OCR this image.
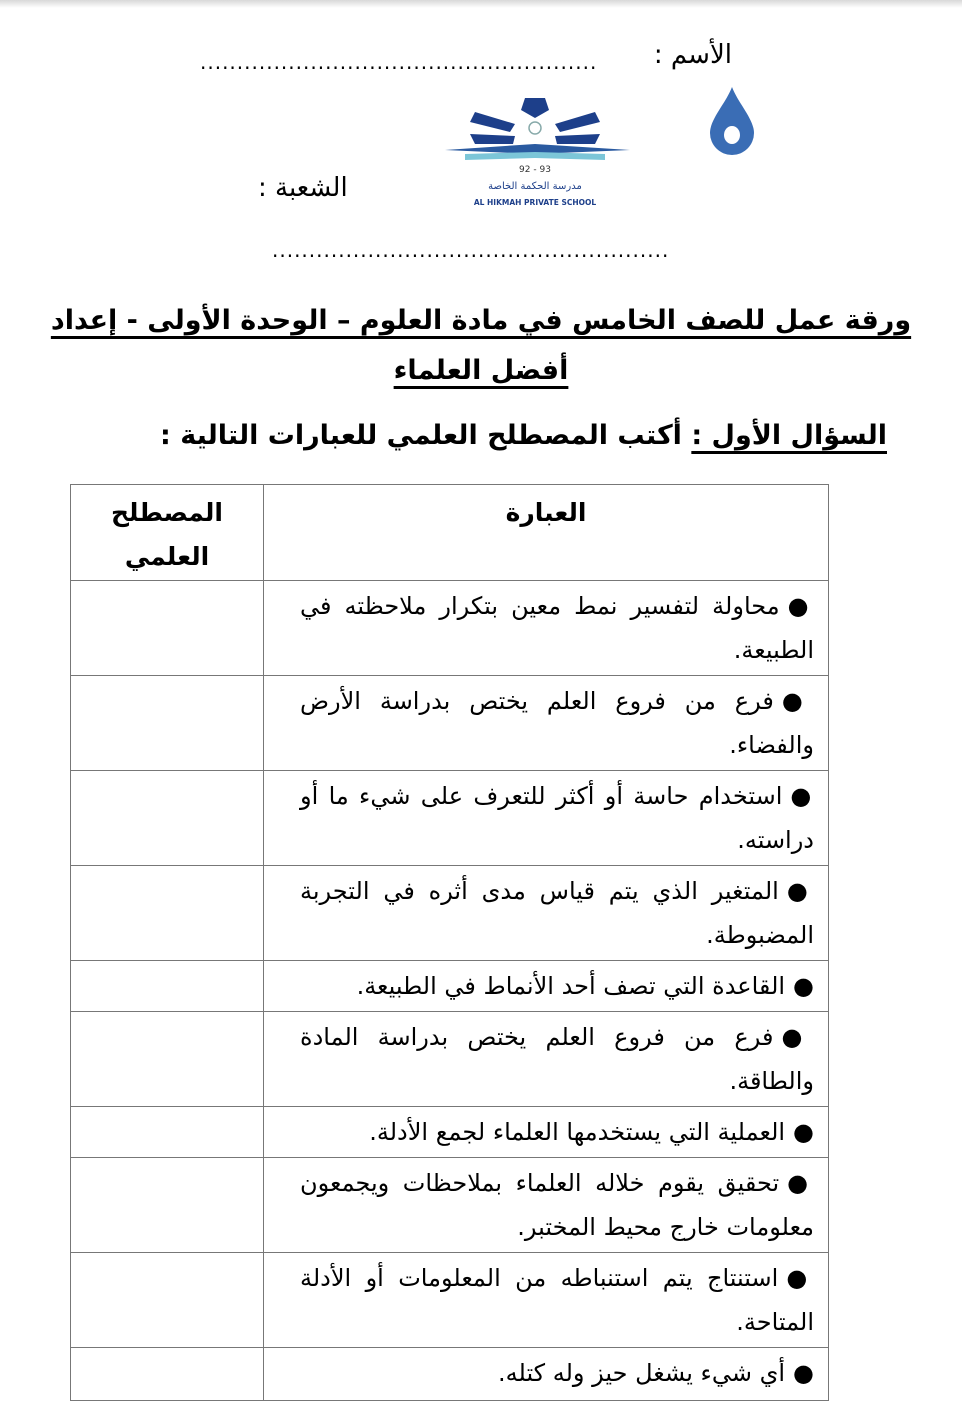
الأسم :
......................................................
93 - 92
مدرسة الحكمة الخاصة
AL HIKMAH PRIVATE SCHOOL
الشعبة :
......................................................
ورقة عمل للصف الخامس في مادة العلوم – الوحدة الأولى - إعداد
أفضل العلماء
السؤال الأول : أكتب المصطلح العلمي للعبارات التالية :
العبارة	المصطلح العلمي
●محاولة لتفسير نمط معين بتكرار ملاحظته في الطبيعة.	
●فرع من فروع العلم يختص بدراسة الأرض والفضاء.	
●استخدام حاسة أو أكثر للتعرف على شيء ما أو دراسته.	
●المتغير الذي يتم قياس مدى أثره في التجربة المضبوطة.	
●القاعدة التي تصف أحد الأنماط في الطبيعة.	
●فرع من فروع العلم يختص بدراسة المادة والطاقة.	
●العملية التي يستخدمها العلماء لجمع الأدلة.	
●تحقيق يقوم خلاله العلماء بملاحظات ويجمعون معلومات خارج محيط المختبر.	
●استنتاج يتم استنباطه من المعلومات أو الأدلة المتاحة.	
●أي شيء يشغل حيز وله كتله.	
